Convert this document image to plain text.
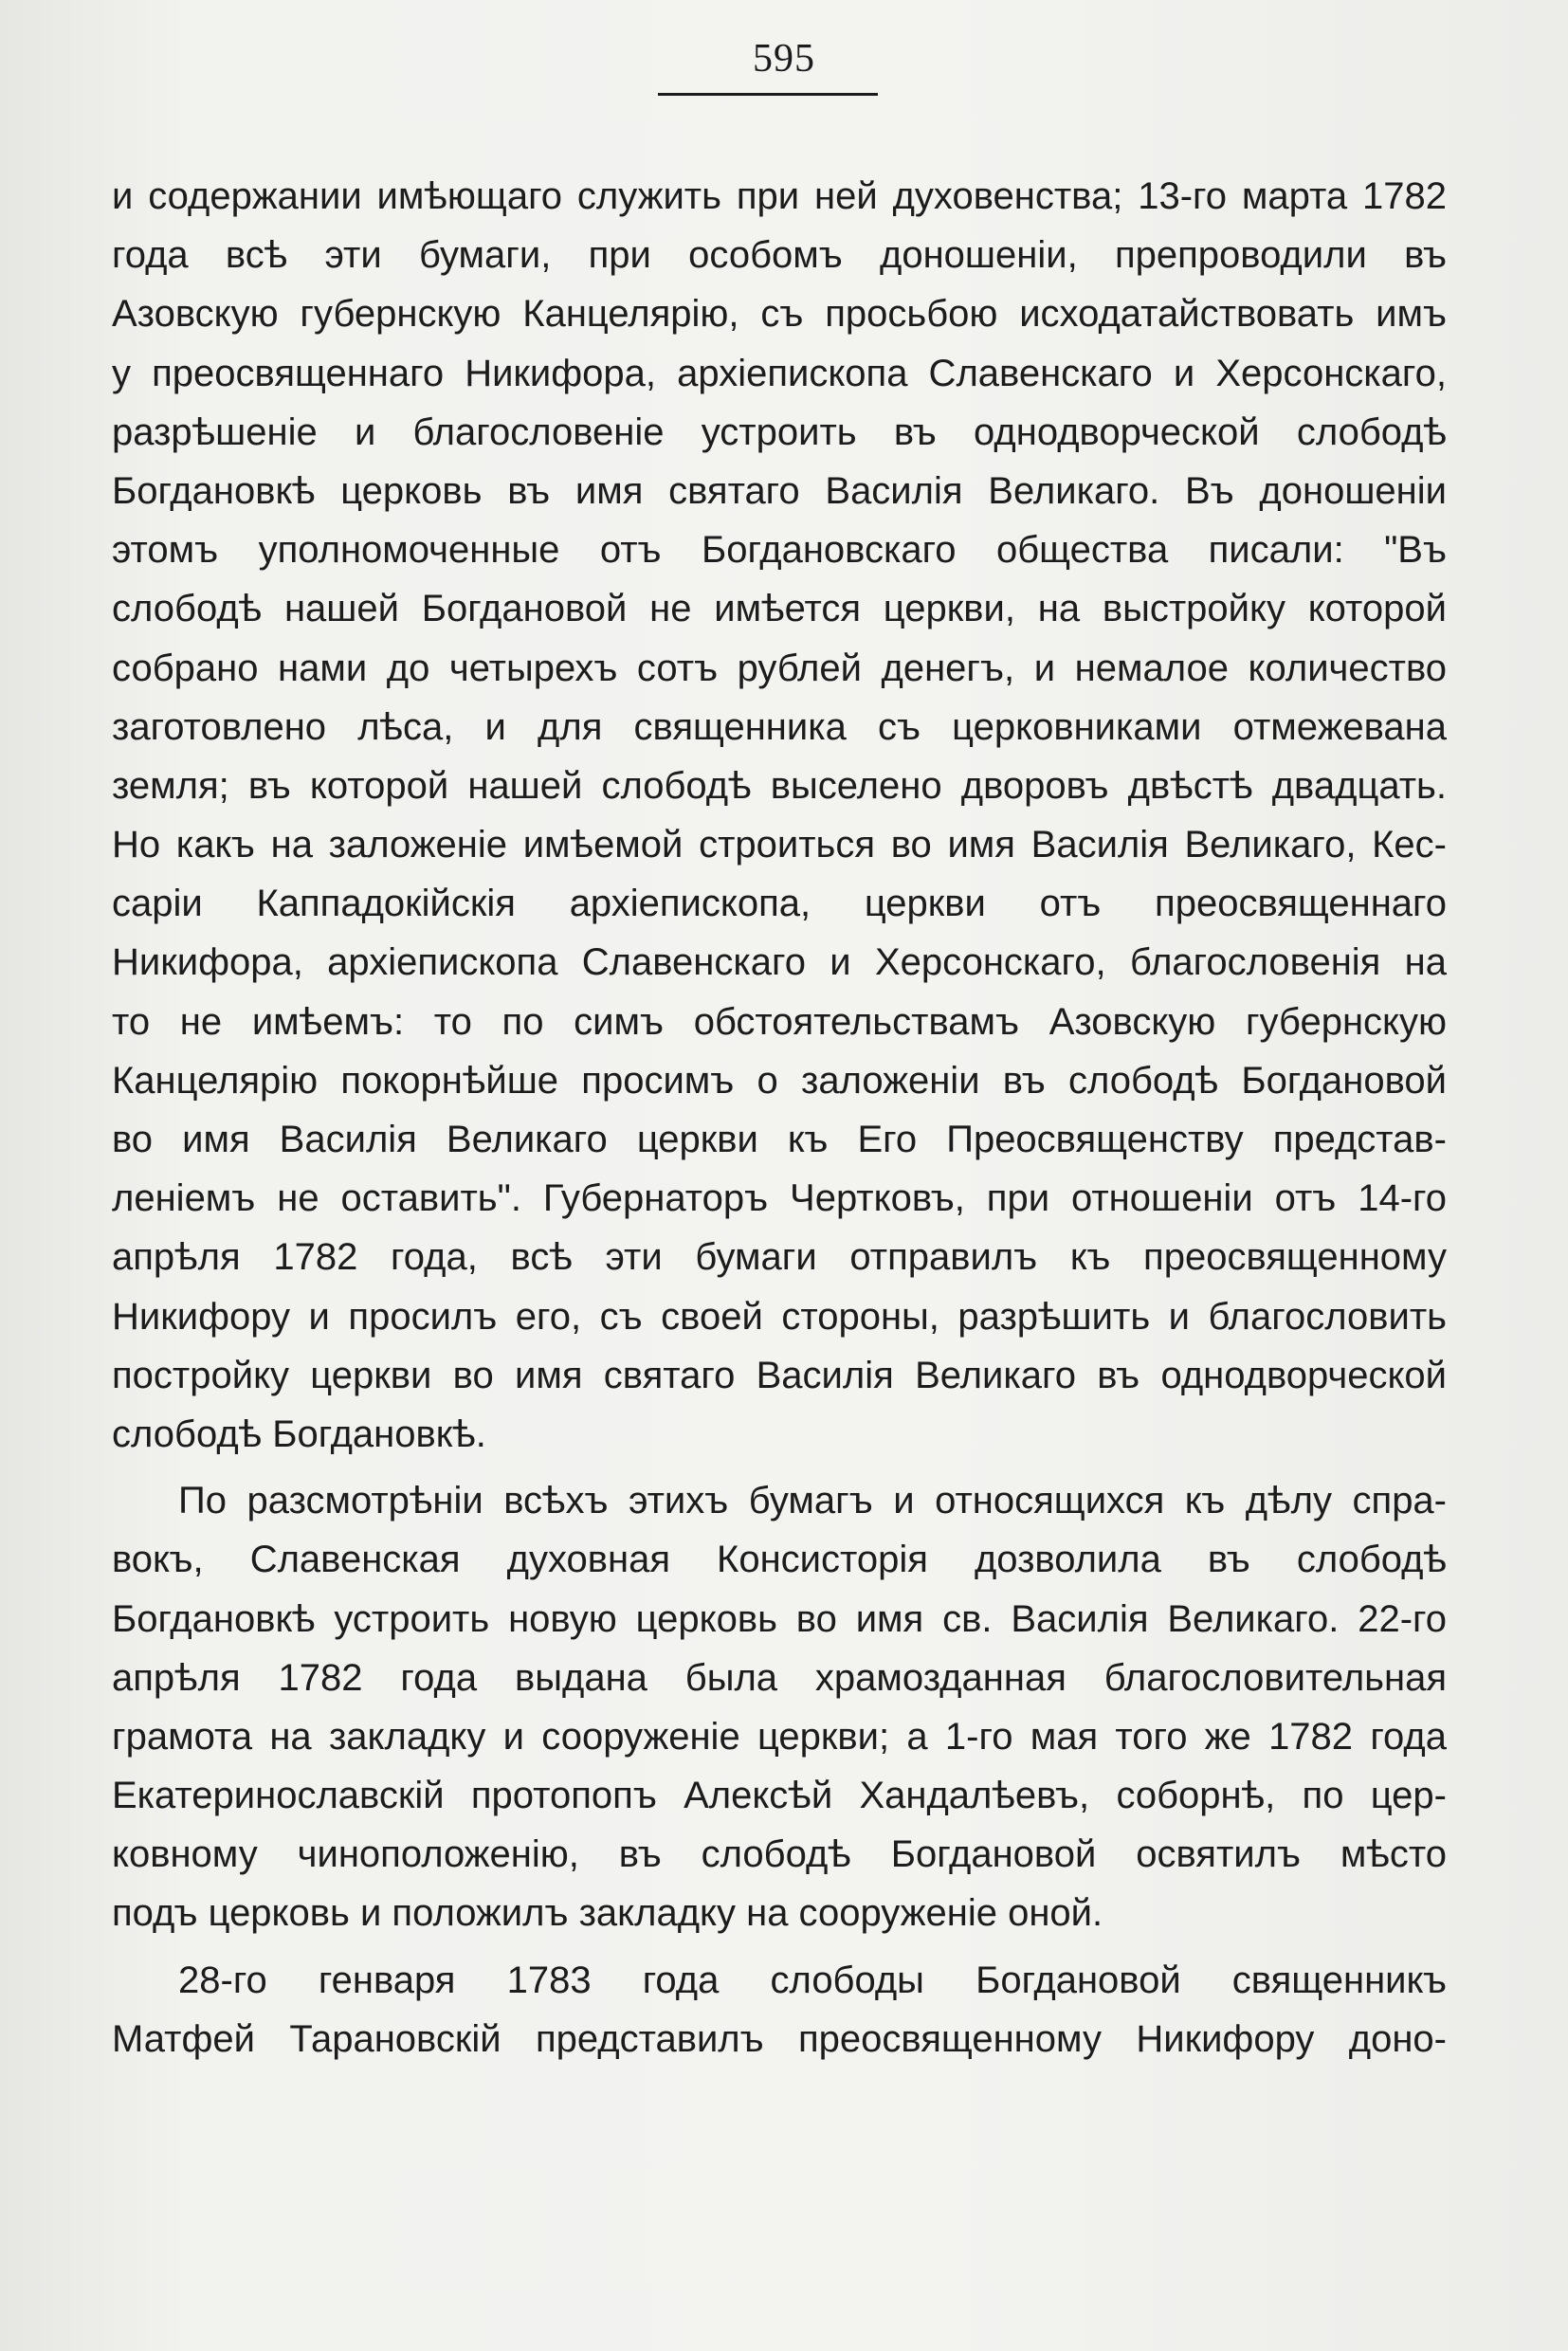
595
и содержании имѣющаго служить при ней духовенства; 13-го марта 1782
года всѣ эти бумаги, при особомъ доношеніи, препроводили въ
Азовскую губернскую Канцелярію, съ просьбою исходатайствовать имъ
у преосвященнаго Никифора, архіепископа Славенскаго и Херсонскаго,
разрѣшеніе и благословеніе устроить въ однодворческой слободѣ
Богдановкѣ церковь въ имя святаго Василія Великаго. Въ доношеніи
этомъ уполномоченные отъ Богдановскаго общества писали: "Въ
слободѣ нашей Богдановой не имѣется церкви, на выстройку которой
собрано нами до четырехъ сотъ рублей денегъ, и немалое количество
заготовлено лѣса, и для священника съ церковниками отмежевана
земля; въ которой нашей слободѣ выселено дворовъ двѣстѣ двадцать.
Но какъ на заложеніе имѣемой строиться во имя Василія Великаго, Кес-
саріи Каппадокійскія архіепископа, церкви отъ преосвященнаго
Никифора, архіепископа Славенскаго и Херсонскаго, благословенія на
то не имѣемъ: то по симъ обстоятельствамъ Азовскую губернскую
Канцелярію покорнѣйше просимъ о заложеніи въ слободѣ Богдановой
во имя Василія Великаго церкви къ Его Преосвященству представ-
леніемъ не оставить". Губернаторъ Чертковъ, при отношеніи отъ 14-го
апрѣля 1782 года, всѣ эти бумаги отправилъ къ преосвященному
Никифору и просилъ его, съ своей стороны, разрѣшить и благословить
постройку церкви во имя святаго Василія Великаго въ однодворческой
слободѣ Богдановкѣ.
По разсмотрѣніи всѣхъ этихъ бумагъ и относящихся къ дѣлу спра-
вокъ, Славенская духовная Консисторія дозволила въ слободѣ
Богдановкѣ устроить новую церковь во имя св. Василія Великаго. 22-го
апрѣля 1782 года выдана была храмозданная благословительная
грамота на закладку и сооруженіе церкви; а 1-го мая того же 1782 года
Екатеринославскій протопопъ Алексѣй Хандалѣевъ, соборнѣ, по цер-
ковному чиноположенію, въ слободѣ Богдановой освятилъ мѣсто
подъ церковь и положилъ закладку на сооруженіе оной.
28-го генваря 1783 года слободы Богдановой священникъ
Матфей Тарановскій представилъ преосвященному Никифору доно-
